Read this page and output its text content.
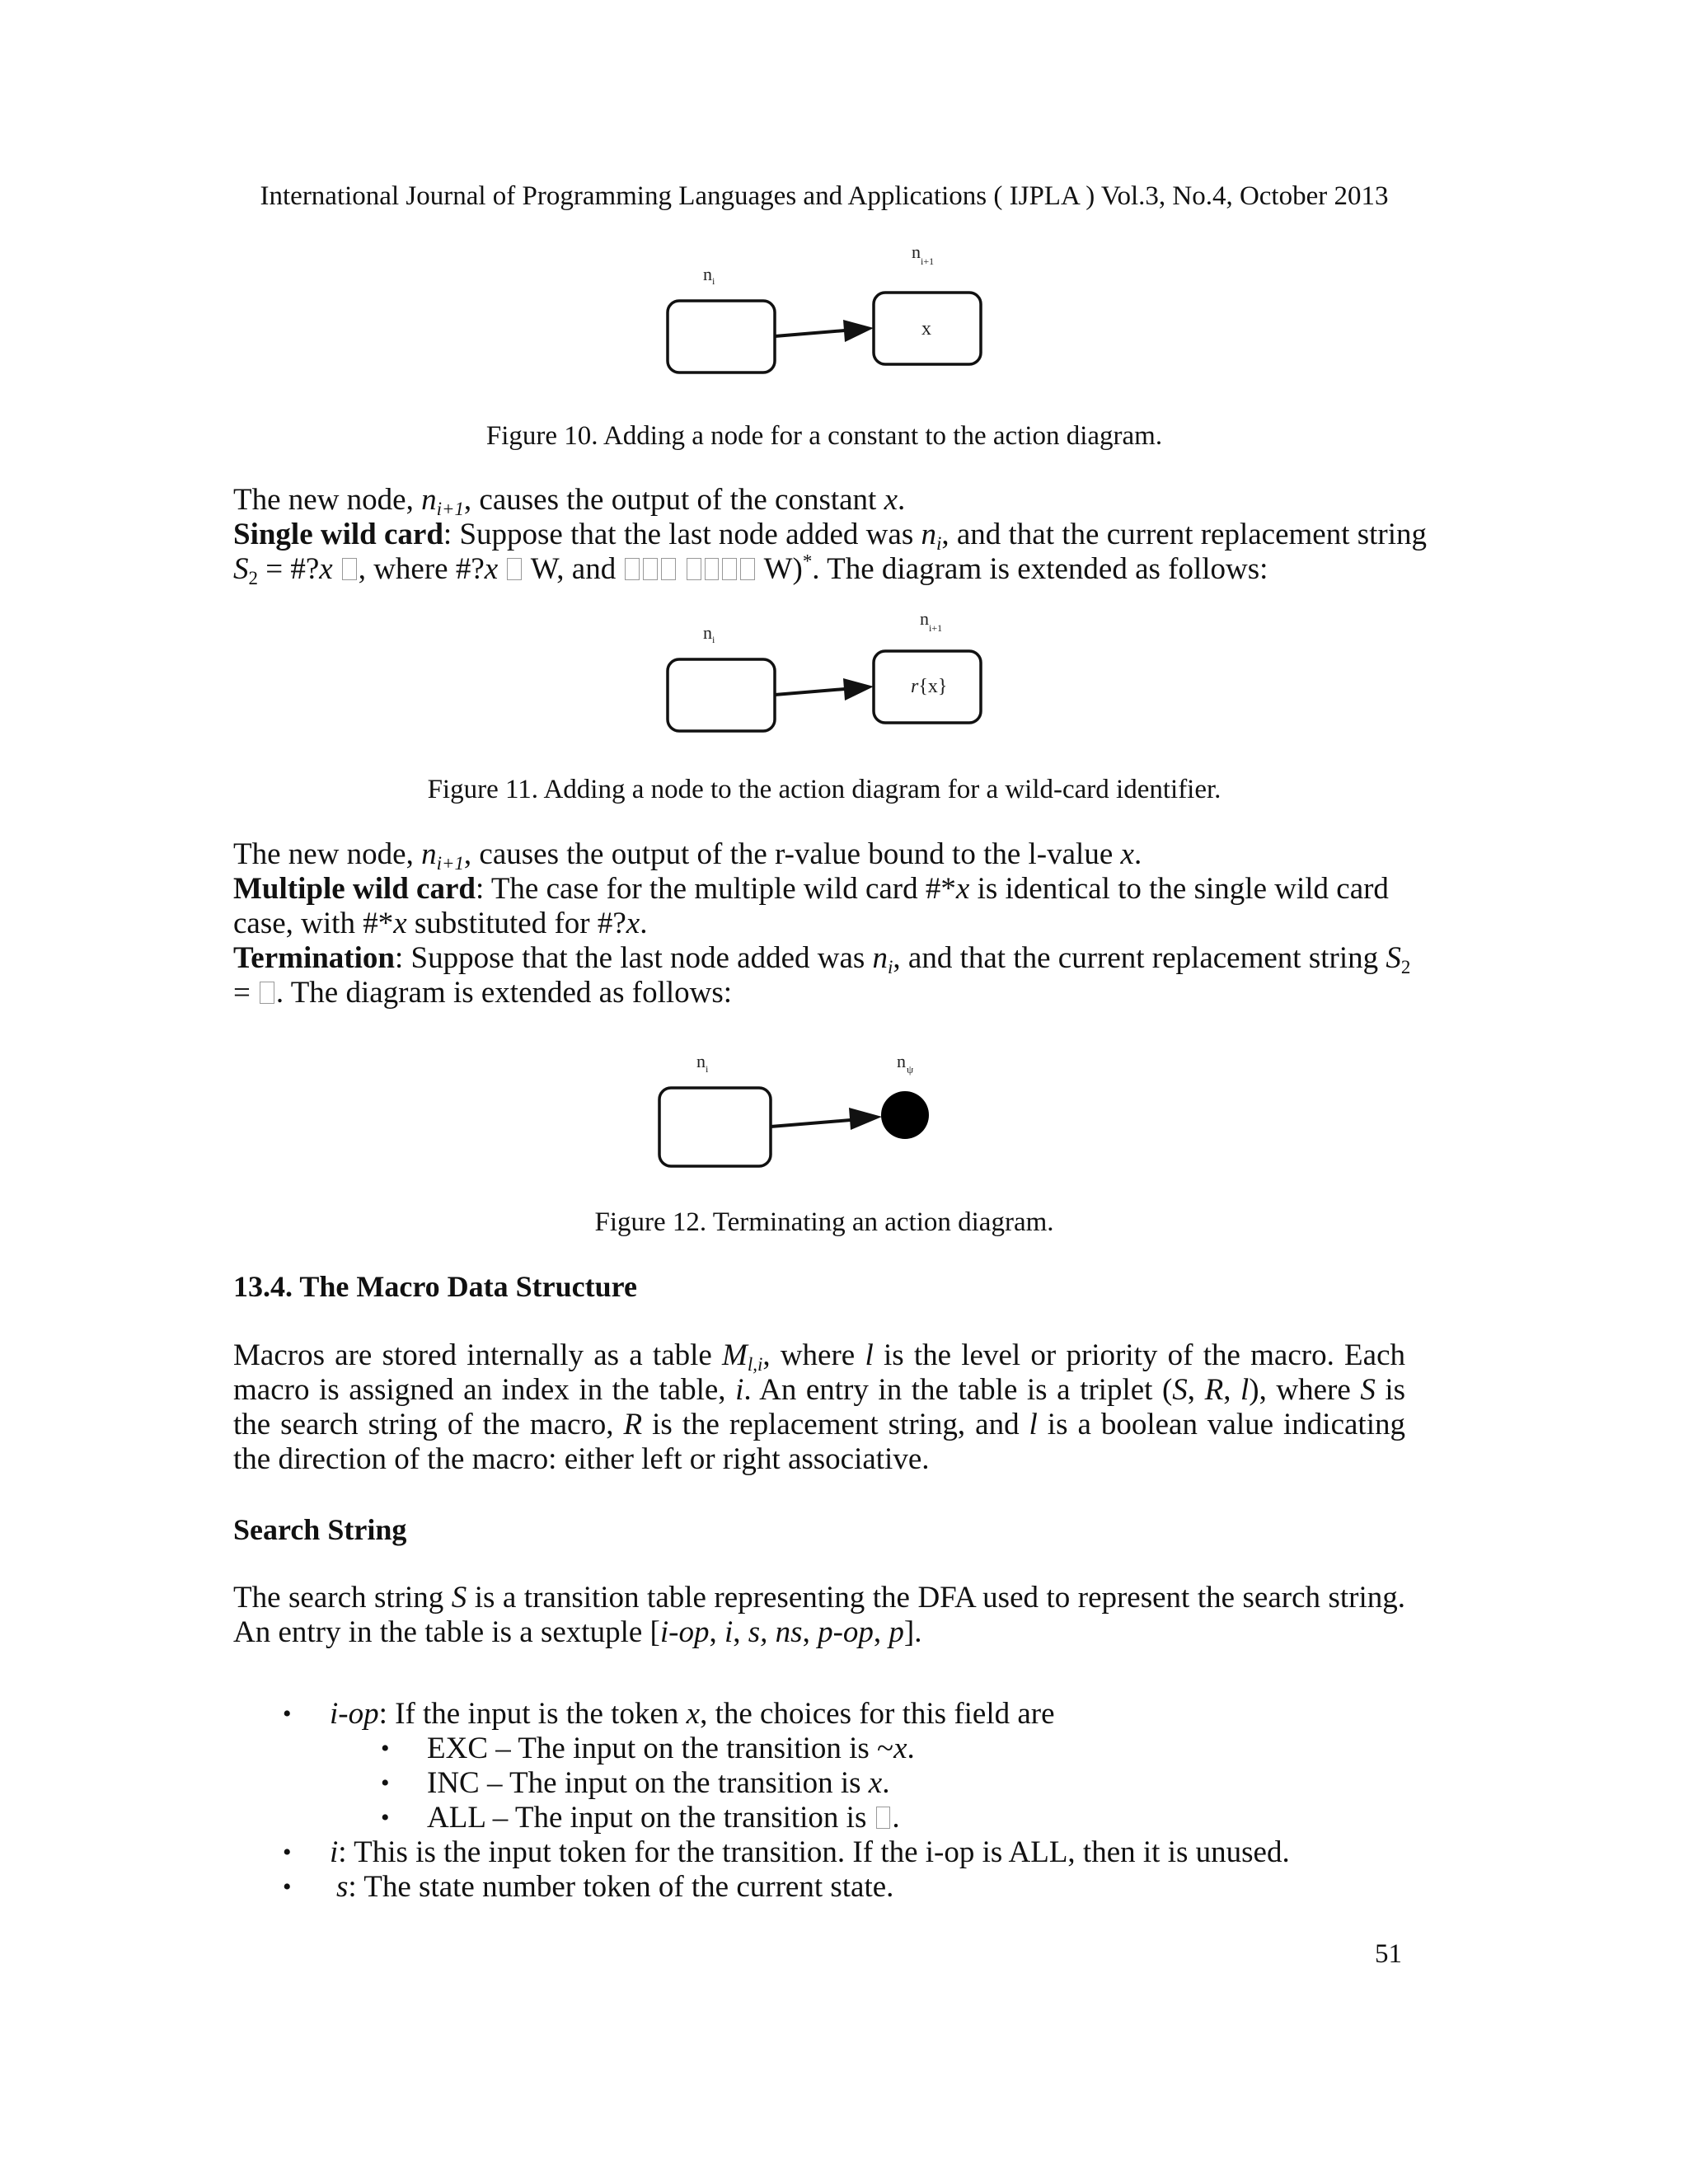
International Journal of Programming Languages and Applications ( IJPLA ) Vol.3, No.4, October 2013
n i
n i+1
x
Figure 10. Adding a node for a constant to the action diagram.
The new node, $n_{i+1}$, causes the output of the constant x.
Single wild card: Suppose that the last node added was $n_i$, and that the current replacement string
$S_2$ = #?x , where #?x  W, and	W)*. The diagram is extended as follows:
n i
n i+1
r{x}
Figure 11. Adding a node to the action diagram for a wild-card identifier.
The new node, $n_{i+1}$, causes the output of the r-value bound to the l-value x.
Multiple wild card: The case for the multiple wild card #*x is identical to the single wild card
case, with #*x substituted for #?x.
Termination: Suppose that the last node added was $n_i$, and that the current replacement string $S_2$
= . The diagram is extended as follows:
n i	n ψ
Figure 12. Terminating an action diagram.
13.4. The Macro Data Structure
Macros are stored internally as a table $M_{l,i}$, where l is the level or priority of the macro. Each macro is assigned an index in the table, i. An entry in the table is a triplet (S, R, l), where S is the search string of the macro, R is the replacement string, and l is a boolean value indicating the direction of the macro: either left or right associative.
Search String
The search string S is a transition table representing the DFA used to represent the search string. An entry in the table is a sextuple [i-op, i, s, ns, p-op, p].
• i-op: If the input is the token x, the choices for this field are
• EXC – The input on the transition is ~x.
• INC – The input on the transition is x.
• ALL – The input on the transition is .
• i: This is the input token for the transition. If the i-op is ALL, then it is unused.
• s: The state number token of the current state.
51
